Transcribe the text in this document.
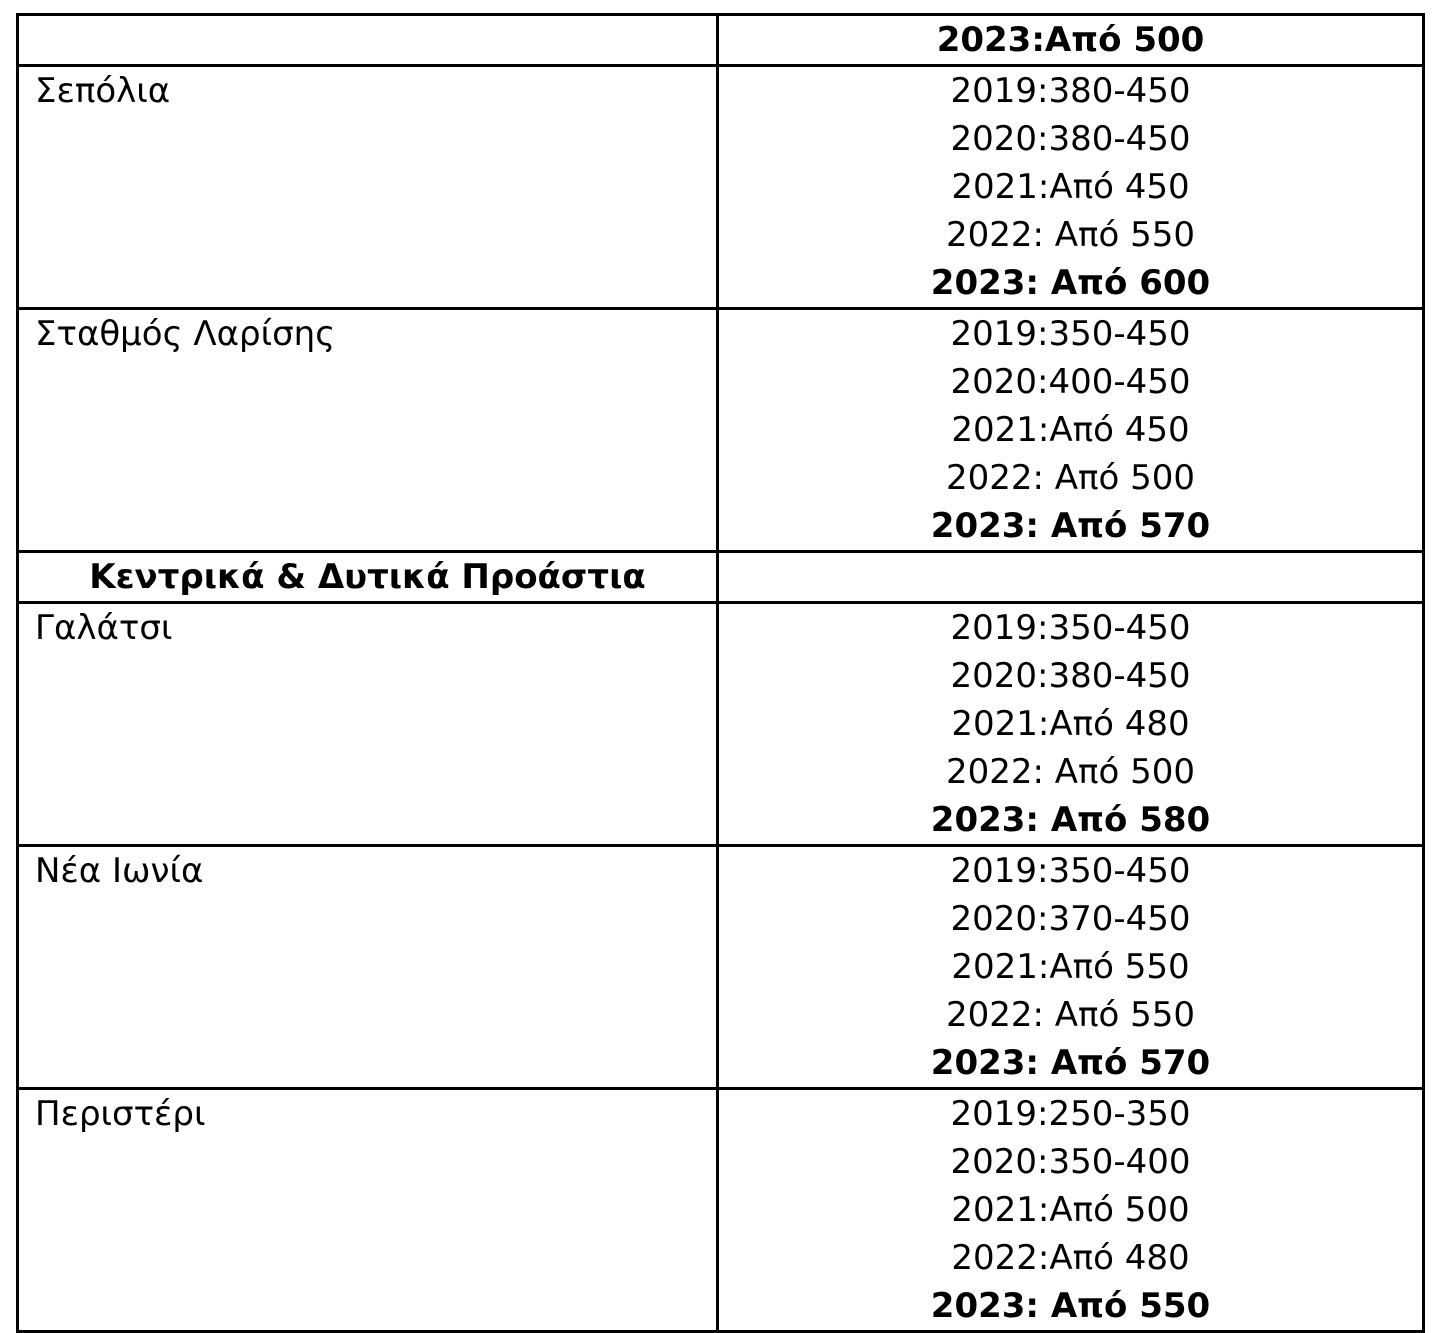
	2023:Από 500

Σεπόλια	2019:380-450
2020:380-450
2021:Από 450
2022: Από 550
2023: Από 600

Σταθμός Λαρίσης	2019:350-450
2020:400-450
2021:Από 450
2022: Από 500
2023: Από 570

Κεντρικά & Δυτικά Προάστια	
Γαλάτσι	2019:350-450
2020:380-450
2021:Από 480
2022: Από 500
2023: Από 580

Νέα Ιωνία	2019:350-450
2020:370-450
2021:Από 550
2022: Από 550
2023: Από 570

Περιστέρι	2019:250-350
2020:350-400
2021:Από 500
2022:Από 480
2023: Από 550
